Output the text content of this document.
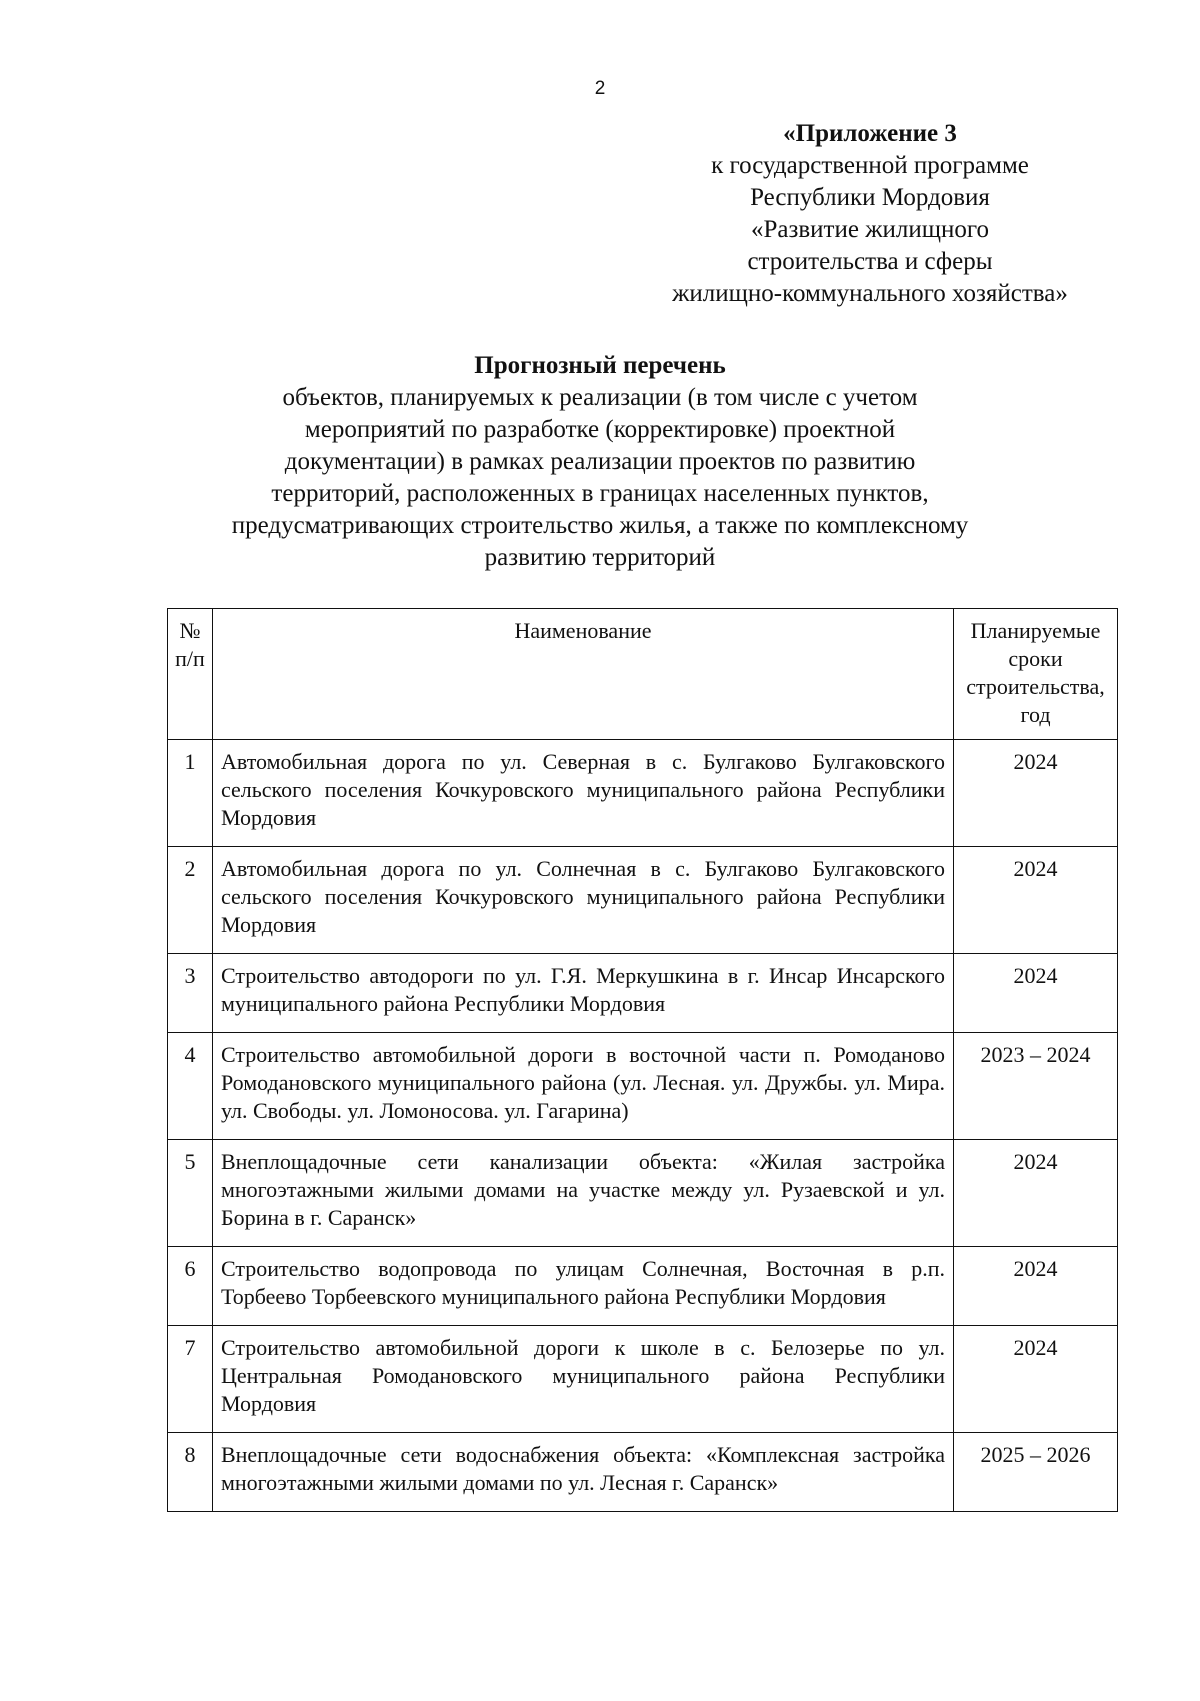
2
«Приложение 3
к государственной программе
Республики Мордовия
«Развитие жилищного
строительства и сферы
жилищно-коммунального хозяйства»
Прогнозный перечень
объектов, планируемых к реализации (в том числе с учетом
мероприятий по разработке (корректировке) проектной
документации) в рамках реализации проектов по развитию
территорий, расположенных в границах населенных пунктов,
предусматривающих строительство жилья, а также по комплексному
развитию территорий
№ п/п	Наименование	Планируемые сроки строительства, год
1	Автомобильная дорога по ул. Северная в с. Булгаково Булгаковского сельского поселения Кочкуровского муниципального района Республики Мордовия	2024
2	Автомобильная дорога по ул. Солнечная в с. Булгаково Булгаковского сельского поселения Кочкуровского муниципального района Республики Мордовия	2024
3	Строительство автодороги по ул. Г.Я. Меркушкина в г. Инсар Инсарского муниципального района Республики Мордовия	2024
4	Строительство автомобильной дороги в восточной части п. Ромоданово Ромодановского муниципального района (ул. Лесная. ул. Дружбы. ул. Мира. ул. Свободы. ул. Ломоносова. ул. Гагарина)	2023 – 2024
5	Внеплощадочные сети канализации объекта: «Жилая застройка многоэтажными жилыми домами на участке между ул. Рузаевской и ул. Борина в г. Саранск»	2024
6	Строительство водопровода по улицам Солнечная, Восточная в р.п. Торбеево Торбеевского муниципального района Республики Мордовия	2024
7	Строительство автомобильной дороги к школе в с. Белозерье по ул. Центральная Ромодановского муниципального района Республики Мордовия	2024
8	Внеплощадочные сети водоснабжения объекта: «Комплексная застройка многоэтажными жилыми домами по ул. Лесная г. Саранск»	2025 – 2026
